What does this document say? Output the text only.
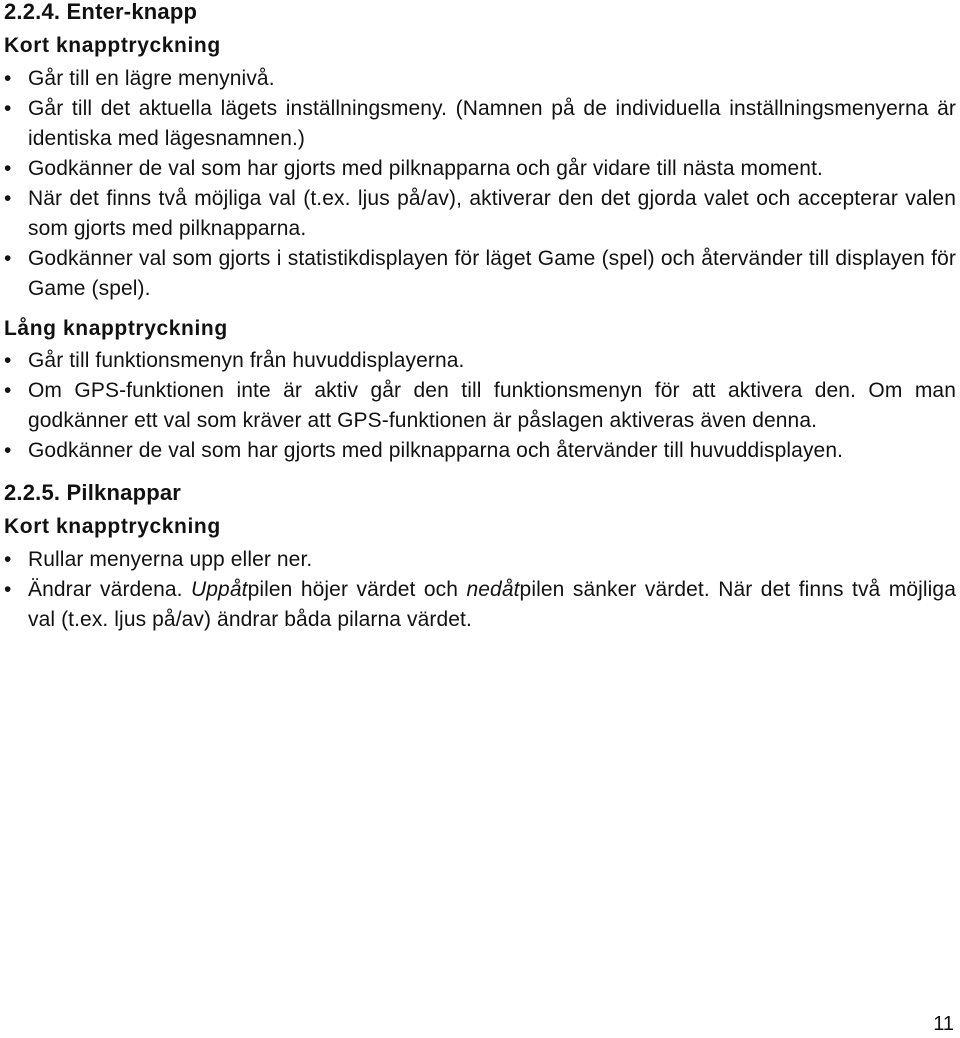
2.2.4. Enter-knapp
Kort knapptryckning
• Går till en lägre menynivå.
• Går till det aktuella lägets inställningsmeny. (Namnen på de individuella inställningsmenyerna är identiska med lägesnamnen.)
• Godkänner de val som har gjorts med pilknapparna och går vidare till nästa moment.
• När det finns två möjliga val (t.ex. ljus på/av), aktiverar den det gjorda valet och accepterar valen som gjorts med pilknapparna.
• Godkänner val som gjorts i statistikdisplayen för läget Game (spel) och återvänder till displayen för Game (spel).
Lång knapptryckning
• Går till funktionsmenyn från huvuddisplayerna.
• Om GPS-funktionen inte är aktiv går den till funktionsmenyn för att aktivera den. Om man godkänner ett val som kräver att GPS-funktionen är påslagen aktiveras även denna.
• Godkänner de val som har gjorts med pilknapparna och återvänder till huvuddisplayen.
2.2.5. Pilknappar
Kort knapptryckning
• Rullar menyerna upp eller ner.
• Ändrar värdena. Uppåtpilen höjer värdet och nedåtpilen sänker värdet. När det finns två möjliga val (t.ex. ljus på/av) ändrar båda pilarna värdet.
11
